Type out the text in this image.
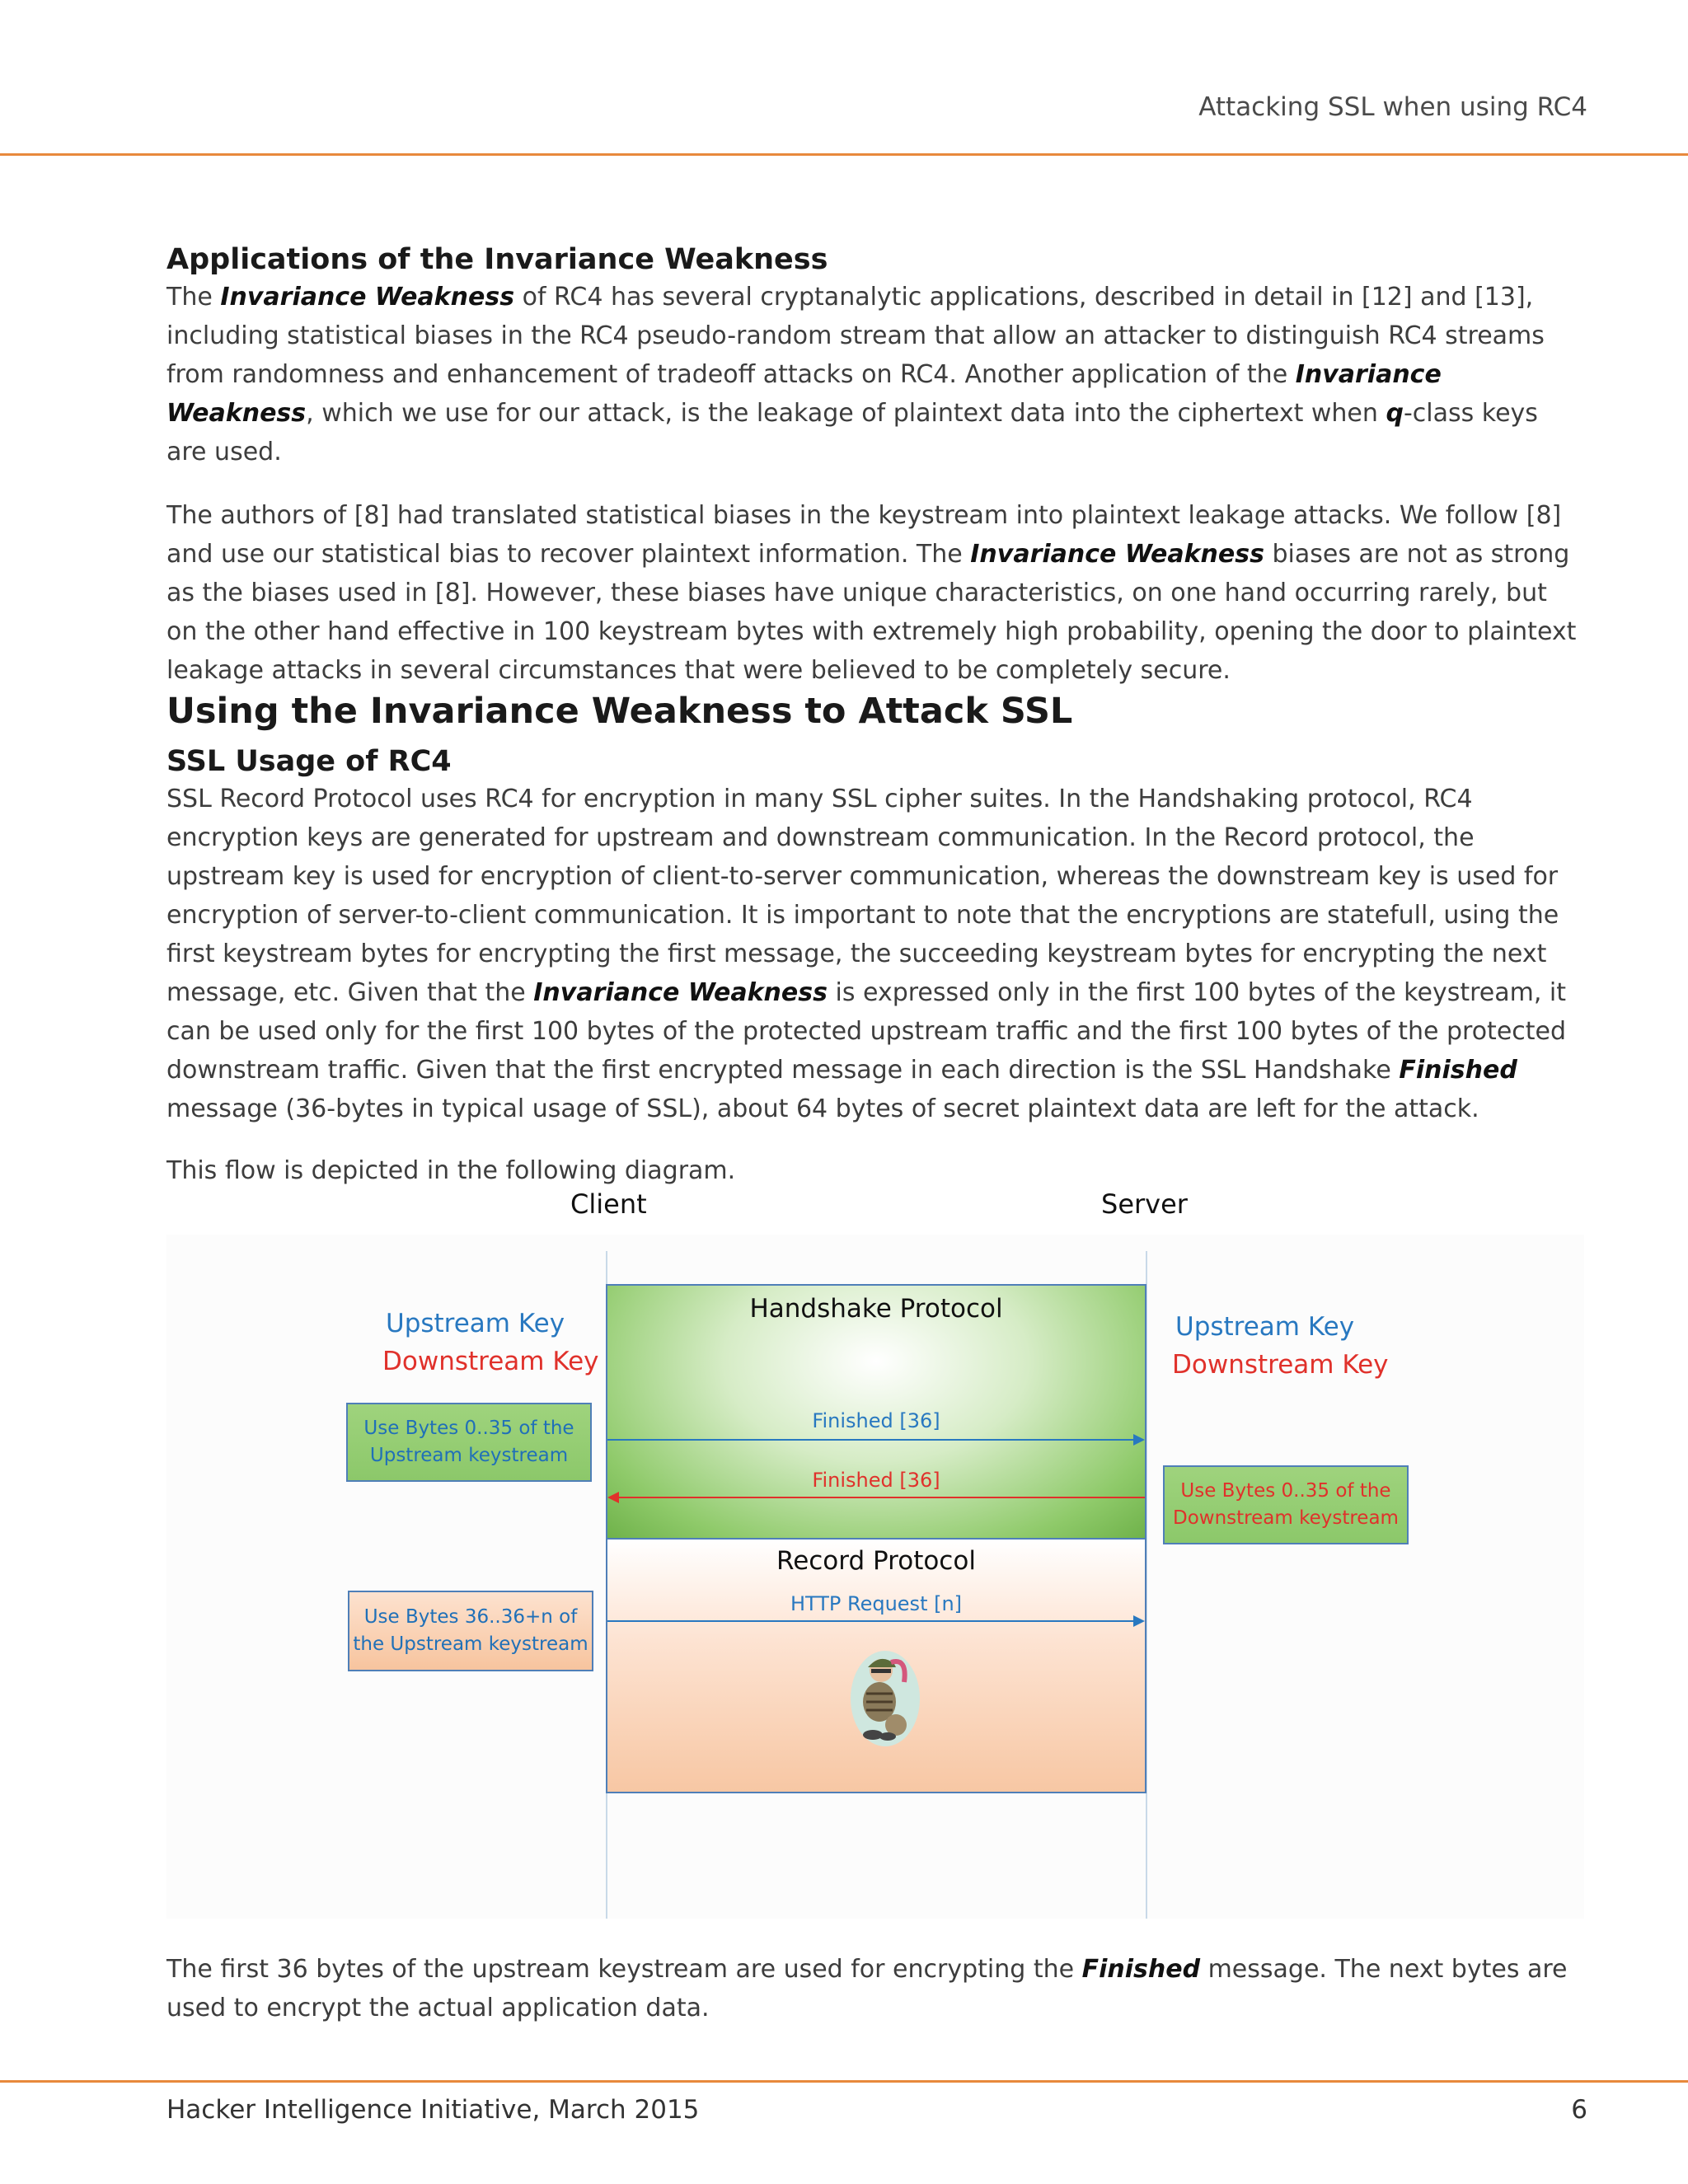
Attacking SSL when using RC4
Applications of the Invariance Weakness

The Invariance Weakness of RC4 has several cryptanalytic applications, described in detail in [12] and [13], including statistical biases in the RC4 pseudo-random stream that allow an attacker to distinguish RC4 streams from randomness and enhancement of tradeoff attacks on RC4. Another application of the Invariance Weakness, which we use for our attack, is the leakage of plaintext data into the ciphertext when q-class keys are used.

The authors of [8] had translated statistical biases in the keystream into plaintext leakage attacks. We follow [8] and use our statistical bias to recover plaintext information. The Invariance Weakness biases are not as strong as the biases used in [8]. However, these biases have unique characteristics, on one hand occurring rarely, but on the other hand effective in 100 keystream bytes with extremely high probability, opening the door to plaintext leakage attacks in several circumstances that were believed to be completely secure.

Using the Invariance Weakness to Attack SSL
SSL Usage of RC4

SSL Record Protocol uses RC4 for encryption in many SSL cipher suites. In the Handshaking protocol, RC4 encryption keys are generated for upstream and downstream communication. In the Record protocol, the upstream key is used for encryption of client-to-server communication, whereas the downstream key is used for encryption of server-to-client communication. It is important to note that the encryptions are statefull, using the first keystream bytes for encrypting the first message, the succeeding keystream bytes for encrypting the next message, etc. Given that the Invariance Weakness is expressed only in the first 100 bytes of the keystream, it can be used only for the first 100 bytes of the protected upstream traffic and the first 100 bytes of the protected downstream traffic. Given that the first encrypted message in each direction is the SSL Handshake Finished message (36-bytes in typical usage of SSL), about 64 bytes of secret plaintext data are left for the attack.

This flow is depicted in the following diagram.

Client	Server
Handshake Protocol
Finished [36]
Finished [36]
Record Protocol
HTTP Request [n]
Upstream Key
Downstream Key
Upstream Key
Downstream Key
Use Bytes 0..35 of the Upstream keystream
Use Bytes 0..35 of the Downstream keystream
Use Bytes 36..36+n of the Upstream keystream

The first 36 bytes of the upstream keystream are used for encrypting the Finished message. The next bytes are used to encrypt the actual application data.

Hacker Intelligence Initiative, March 2015	6
